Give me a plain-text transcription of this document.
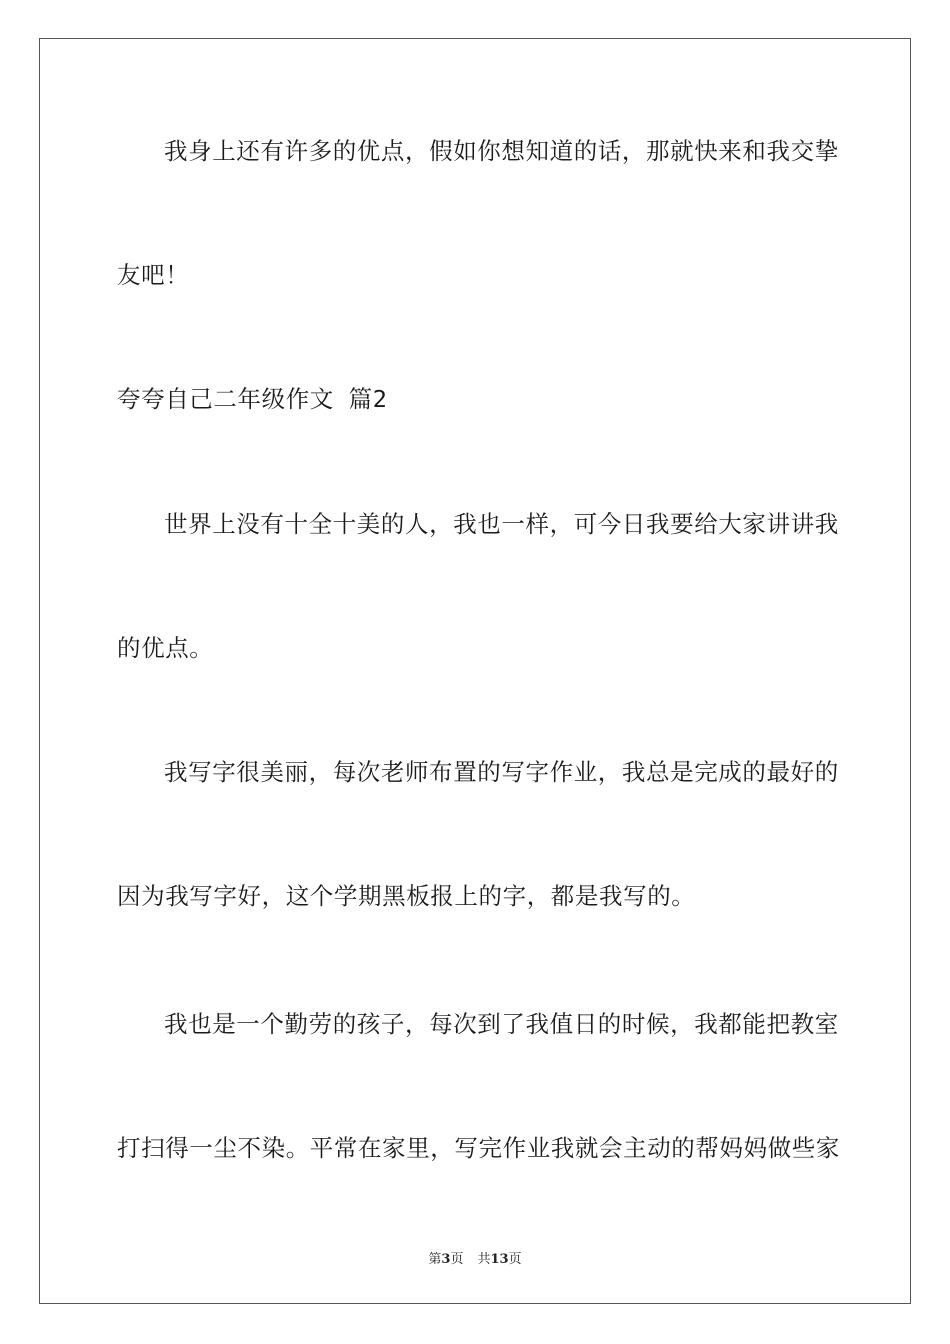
我身上还有许多的优点，假如你想知道的话，那就快来和我交挚
友吧！
夸夸自己二年级作文 篇2
世界上没有十全十美的人，我也一样，可今日我要给大家讲讲我
的优点。
我写字很美丽，每次老师布置的写字作业，我总是完成的最好的
因为我写字好，这个学期黑板报上的字，都是我写的。
我也是一个勤劳的孩子，每次到了我值日的时候，我都能把教室
打扫得一尘不染。平常在家里，写完作业我就会主动的帮妈妈做些家
第3页 共13页
